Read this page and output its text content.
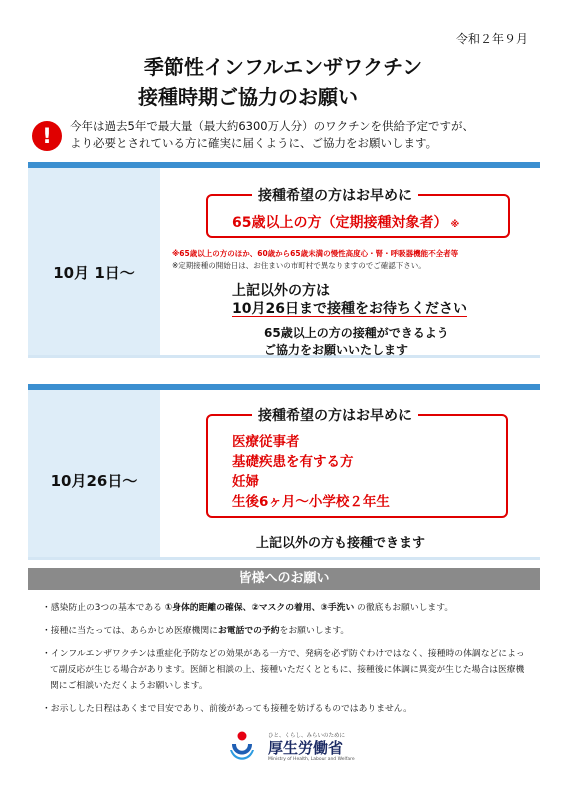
令和２年９月
季節性インフルエンザワクチン
接種時期ご協力のお願い
!	今年は過去5年で最大量（最大約6300万人分）のワクチンを供給予定ですが、
より必要とされている方に確実に届くように、ご協力をお願いします。
10月 1日～
接種希望の方はお早めに
65歳以上の方（定期接種対象者） ※
※65歳以上の方のほか、60歳から65歳未満の慢性高度心・腎・呼吸器機能不全者等
※定期接種の開始日は、お住まいの市町村で異なりますのでご確認下さい。
上記以外の方は
10月26日まで接種をお待ちください
65歳以上の方の接種ができるよう
ご協力をお願いいたします
10月26日～
接種希望の方はお早めに
医療従事者
基礎疾患を有する方
妊婦
生後6ヶ月～小学校２年生
上記以外の方も接種できます
皆様へのお願い
・感染防止の3つの基本である ①身体的距離の確保、②マスクの着用、③手洗い の徹底もお願いします。
・接種に当たっては、あらかじめ医療機関にお電話での予約をお願いします。
・インフルエンザワクチンは重症化予防などの効果がある一方で、発病を必ず防ぐわけではなく、接種時の体調などによって副反応が生じる場合があります。医師と相談の上、接種いただくとともに、接種後に体調に異変が生じた場合は医療機関にご相談いただくようお願いします。
・お示しした日程はあくまで目安であり、前後があっても接種を妨げるものではありません。
ひと、くらし、みらいのために
厚生労働省
Ministry of Health, Labour and Welfare
